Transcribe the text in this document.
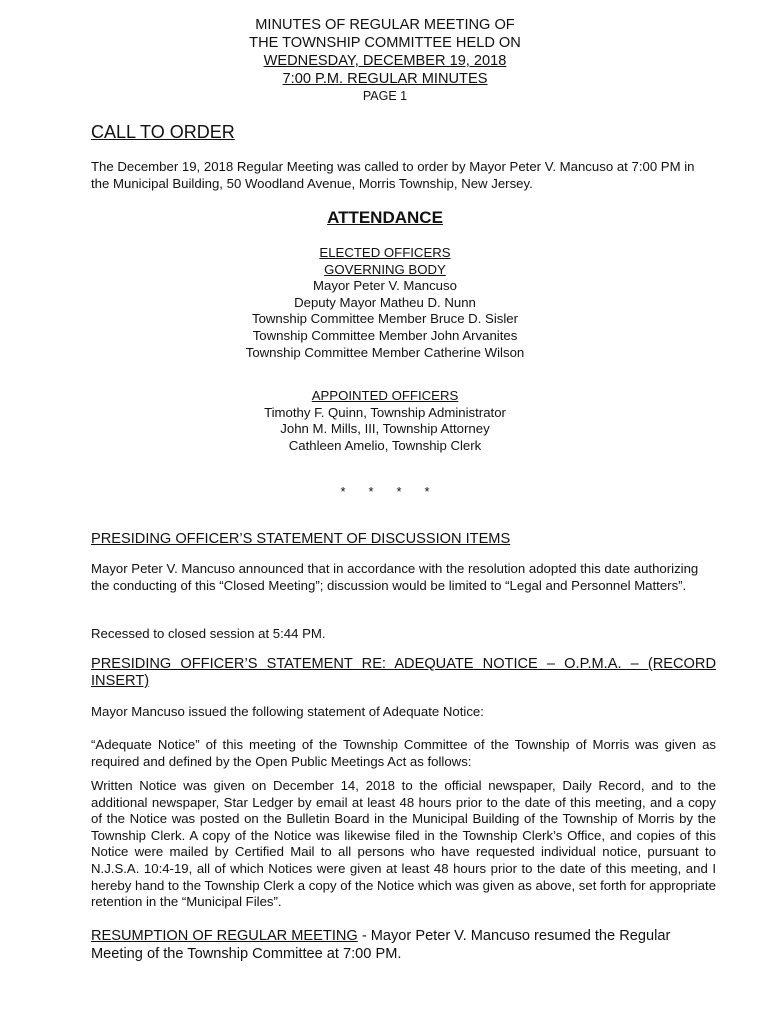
MINUTES OF REGULAR MEETING OF
THE TOWNSHIP COMMITTEE HELD ON
WEDNESDAY, DECEMBER 19, 2018
7:00 P.M. REGULAR MINUTES
PAGE 1
CALL TO ORDER
The December 19, 2018 Regular Meeting was called to order by Mayor Peter V. Mancuso at 7:00 PM in the Municipal Building, 50 Woodland Avenue, Morris Township, New Jersey.
ATTENDANCE
ELECTED OFFICERS
GOVERNING BODY
Mayor Peter V. Mancuso
Deputy Mayor Matheu D. Nunn
Township Committee Member Bruce D. Sisler
Township Committee Member John Arvanites
Township Committee Member Catherine Wilson
APPOINTED OFFICERS
Timothy F. Quinn, Township Administrator
John M. Mills, III, Township Attorney
Cathleen Amelio, Township Clerk
* * * *
PRESIDING OFFICER’S STATEMENT OF DISCUSSION ITEMS
Mayor Peter V. Mancuso announced that in accordance with the resolution adopted this date authorizing the conducting of this “Closed Meeting”; discussion would be limited to “Legal and Personnel Matters”.
Recessed to closed session at 5:44 PM.
PRESIDING OFFICER’S STATEMENT RE: ADEQUATE NOTICE – O.P.M.A. – (RECORD INSERT)
Mayor Mancuso issued the following statement of Adequate Notice:
“Adequate Notice” of this meeting of the Township Committee of the Township of Morris was given as required and defined by the Open Public Meetings Act as follows:
Written Notice was given on December 14, 2018 to the official newspaper, Daily Record, and to the additional newspaper, Star Ledger by email at least 48 hours prior to the date of this meeting, and a copy of the Notice was posted on the Bulletin Board in the Municipal Building of the Township of Morris by the Township Clerk. A copy of the Notice was likewise filed in the Township Clerk’s Office, and copies of this Notice were mailed by Certified Mail to all persons who have requested individual notice, pursuant to N.J.S.A. 10:4-19, all of which Notices were given at least 48 hours prior to the date of this meeting, and I hereby hand to the Township Clerk a copy of the Notice which was given as above, set forth for appropriate retention in the “Municipal Files”.
RESUMPTION OF REGULAR MEETING - Mayor Peter V. Mancuso resumed the Regular Meeting of the Township Committee at 7:00 PM.
